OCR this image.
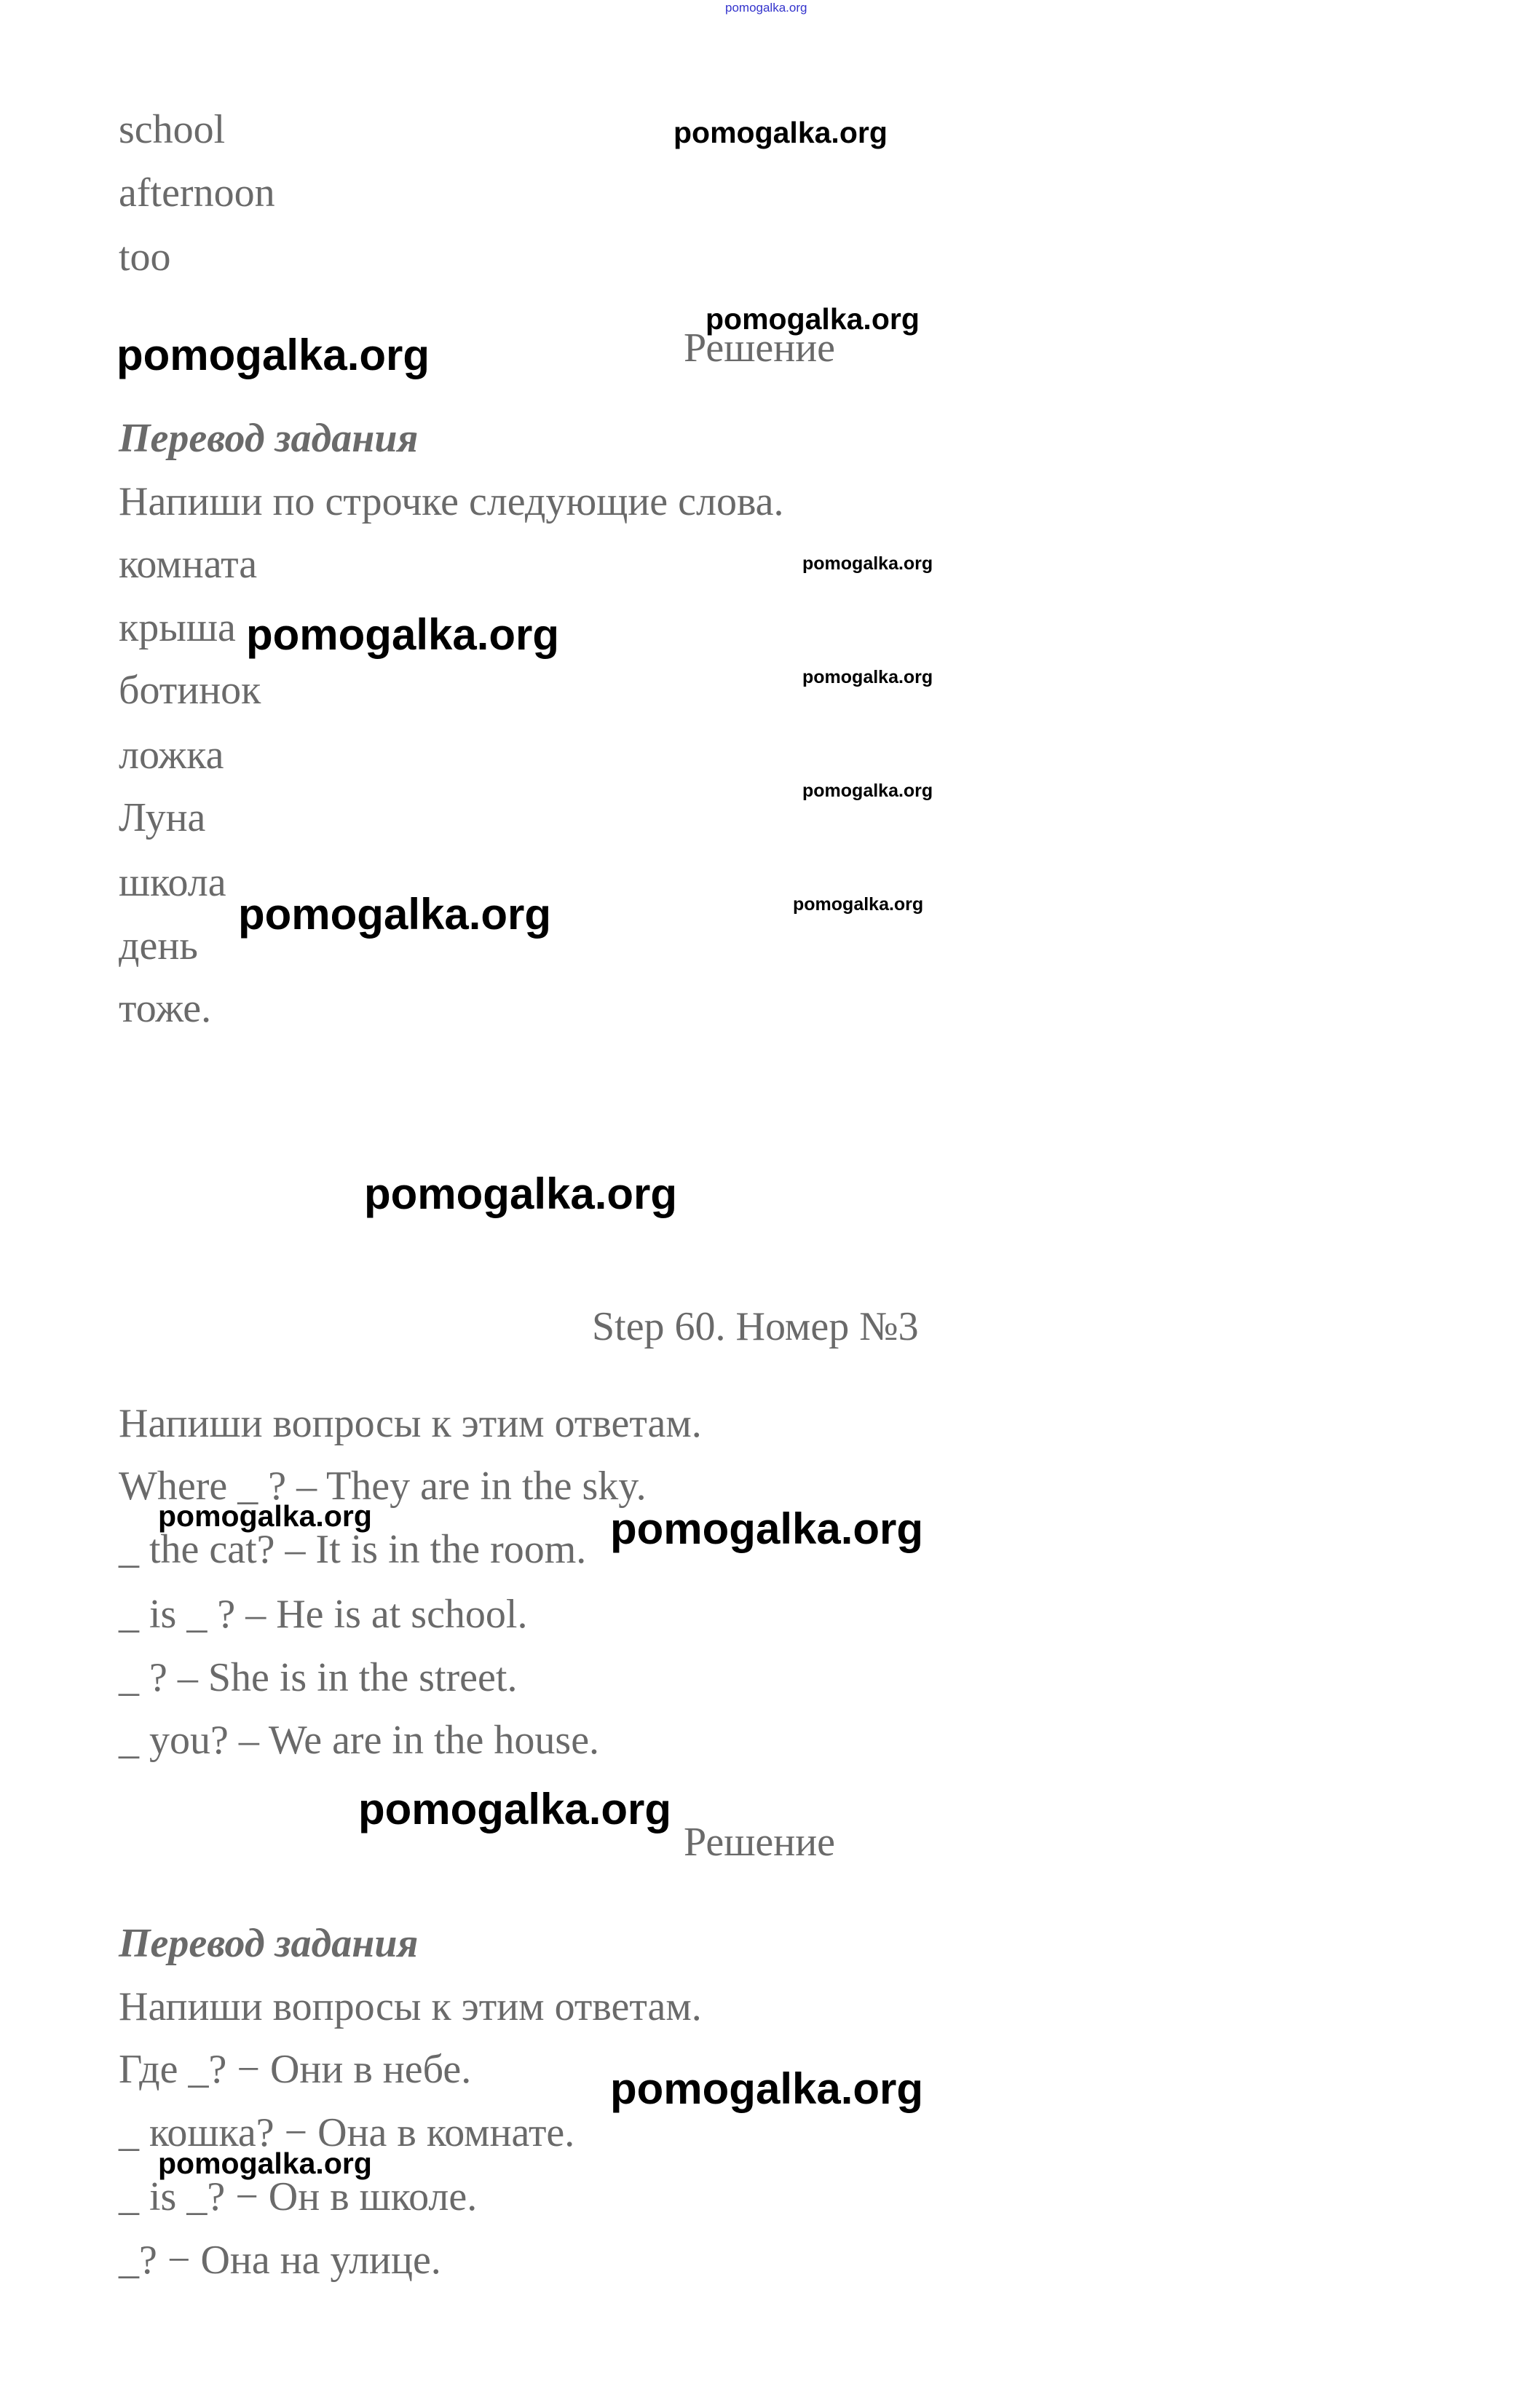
pomogalka.org
school
afternoon
too
Решение
Перевод задания
Напиши по строчке следующие слова.
комната
крыша
ботинок
ложка
Луна
школа
день
тоже.
Step 60. Номер №3
Напиши вопросы к этим ответам.
Where _ ? – They are in the sky.
_ the cat? – It is in the room.
_ is _ ? – He is at school.
_ ? – She is in the street.
_ you? – We are in the house.
Решение
Перевод задания
Напиши вопросы к этим ответам.
Где _? − Они в небе.
_ кошка? − Она в комнате.
_ is _? − Он в школе.
_? − Она на улице.
pomogalka.org
pomogalka.org
pomogalka.org
pomogalka.org
pomogalka.org
pomogalka.org
pomogalka.org
pomogalka.org
pomogalka.org
pomogalka.org
pomogalka.org	pomogalka.org
pomogalka.org
pomogalka.org
pomogalka.org
